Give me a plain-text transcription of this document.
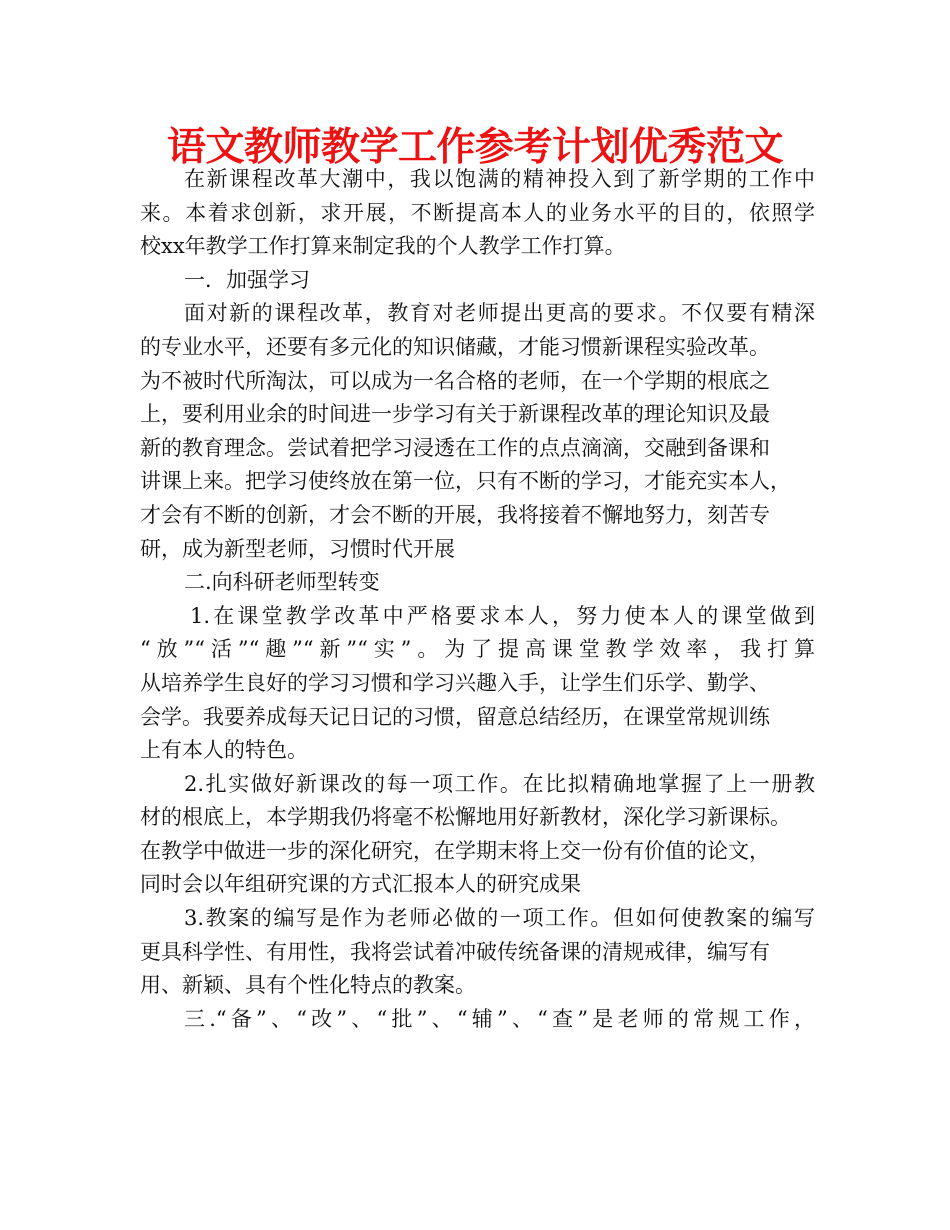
语文教师教学工作参考计划优秀范文
在新课程改革大潮中，我以饱满的精神投入到了新学期的工作中
来。本着求创新，求开展，不断提高本人的业务水平的目的，依照学
校xx年教学工作打算来制定我的个人教学工作打算。
一．加强学习
面对新的课程改革，教育对老师提出更高的要求。不仅要有精深
的专业水平，还要有多元化的知识储藏，才能习惯新课程实验改革。
为不被时代所淘汰，可以成为一名合格的老师，在一个学期的根底之
上，要利用业余的时间进一步学习有关于新课程改革的理论知识及最
新的教育理念。尝试着把学习浸透在工作的点点滴滴，交融到备课和
讲课上来。把学习使终放在第一位，只有不断的学习，才能充实本人，
才会有不断的创新，才会不断的开展，我将接着不懈地努力，刻苦专
研，成为新型老师，习惯时代开展
二.向科研老师型转变
1.在课堂教学改革中严格要求本人，努力使本人的课堂做到
“放”“活”“趣”“新”“实”。为了提高课堂教学效率，我打算
从培养学生良好的学习习惯和学习兴趣入手，让学生们乐学、勤学、
会学。我要养成每天记日记的习惯，留意总结经历，在课堂常规训练
上有本人的特色。
2.扎实做好新课改的每一项工作。在比拟精确地掌握了上一册教
材的根底上，本学期我仍将毫不松懈地用好新教材，深化学习新课标。
在教学中做进一步的深化研究，在学期末将上交一份有价值的论文，
同时会以年组研究课的方式汇报本人的研究成果
3.教案的编写是作为老师必做的一项工作。但如何使教案的编写
更具科学性、有用性，我将尝试着冲破传统备课的清规戒律，编写有
用、新颖、具有个性化特点的教案。
三.“备”、“改”、“批”、“辅”、“查”是老师的常规工作，
